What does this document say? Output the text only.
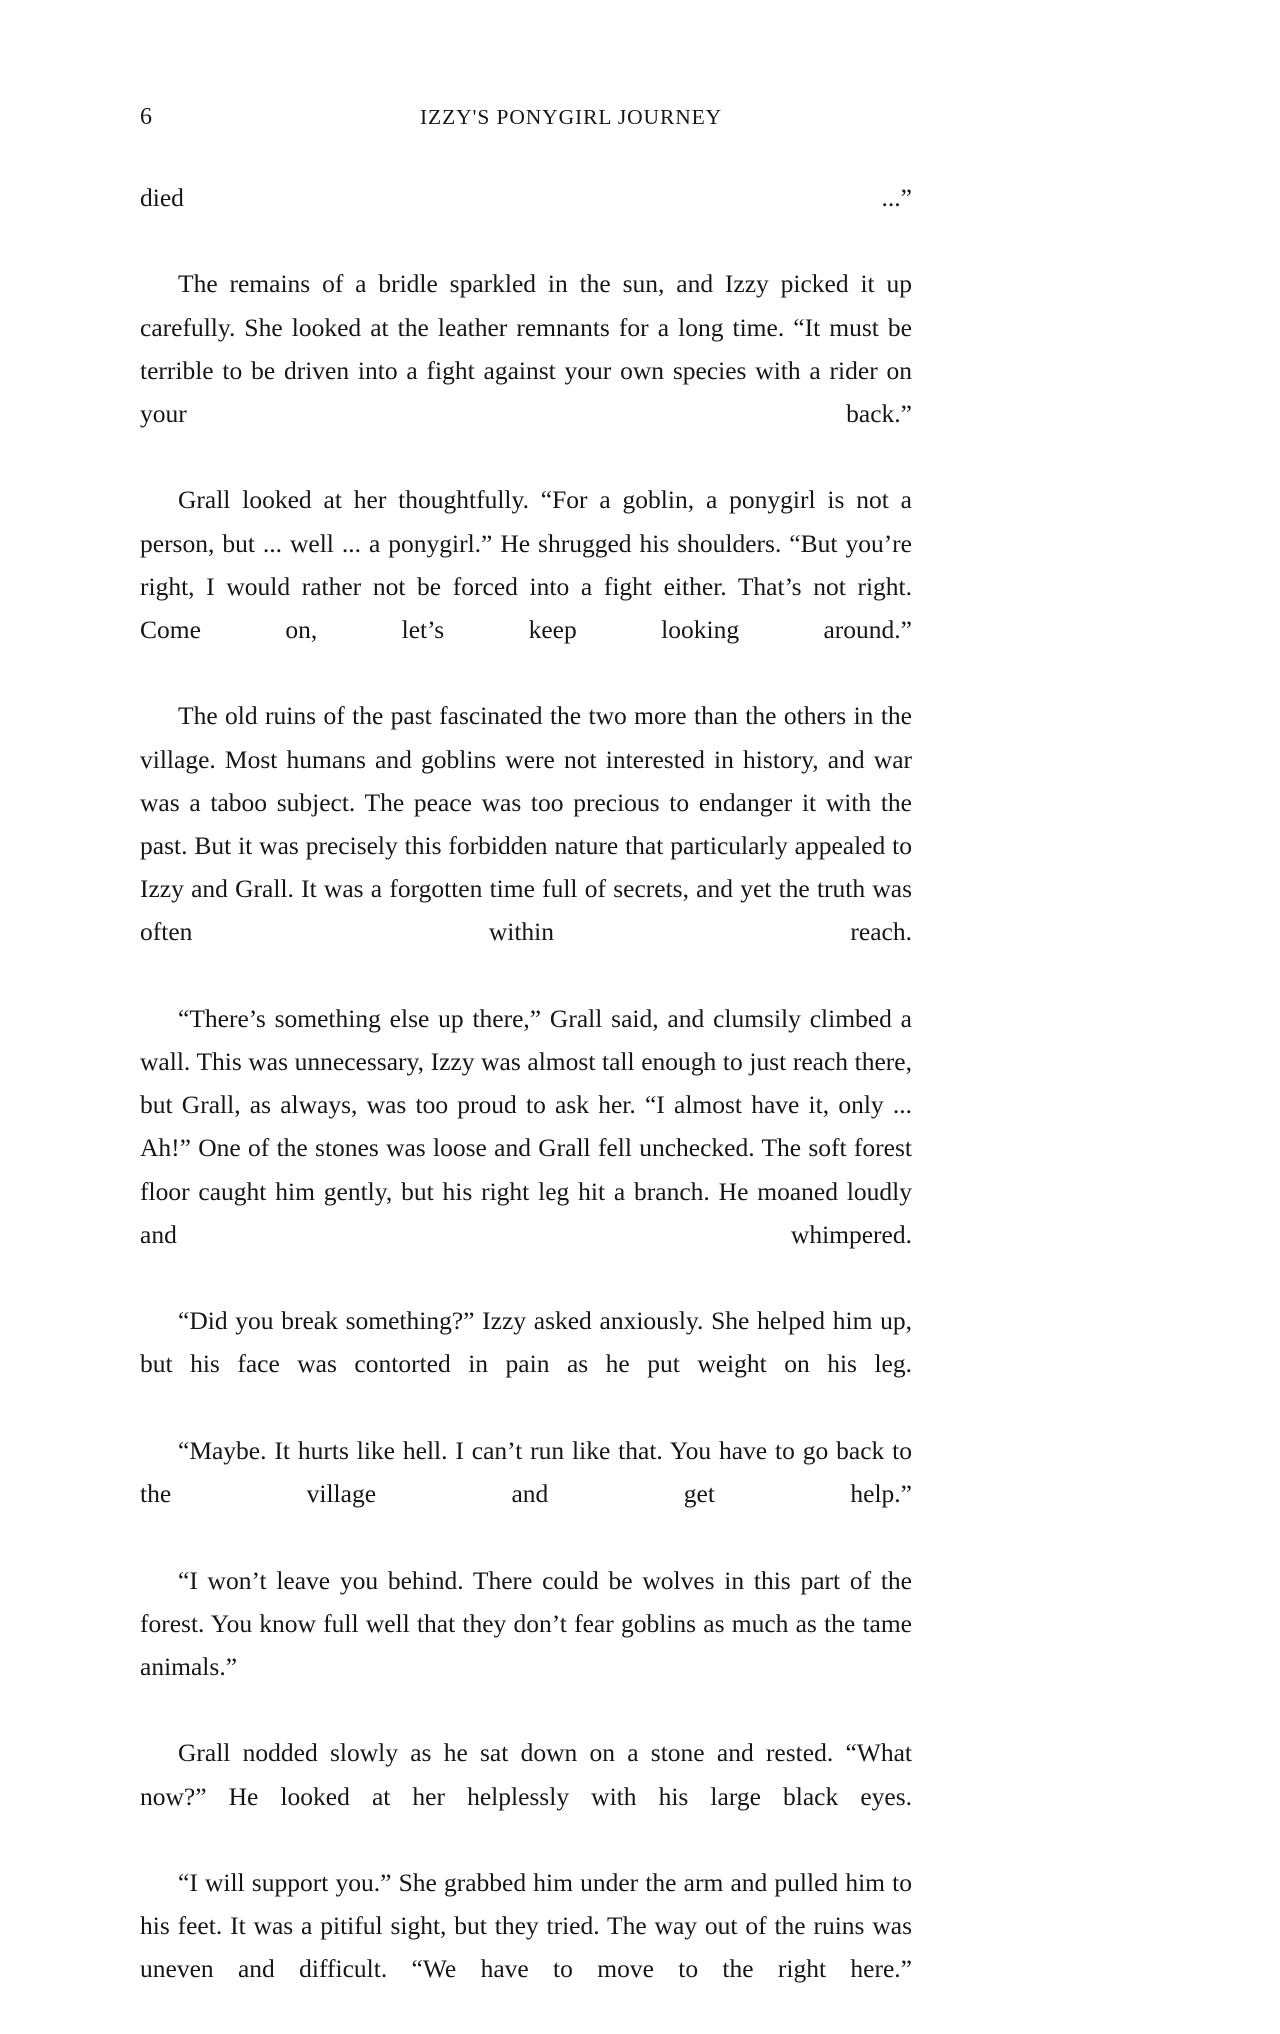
6	IZZY'S PONYGIRL JOURNEY

died ...”

The remains of a bridle sparkled in the sun, and Izzy picked it up carefully. She looked at the leather remnants for a long time. “It must be terrible to be driven into a fight against your own species with a rider on your back.”

Grall looked at her thoughtfully. “For a goblin, a ponygirl is not a person, but ... well ... a ponygirl.” He shrugged his shoulders. “But you’re right, I would rather not be forced into a fight either. That’s not right. Come on, let’s keep looking around.”

The old ruins of the past fascinated the two more than the others in the village. Most humans and goblins were not interested in history, and war was a taboo subject. The peace was too precious to endanger it with the past. But it was precisely this forbidden nature that particularly appealed to Izzy and Grall. It was a forgotten time full of secrets, and yet the truth was often within reach.

“There’s something else up there,” Grall said, and clumsily climbed a wall. This was unnecessary, Izzy was almost tall enough to just reach there, but Grall, as always, was too proud to ask her. “I almost have it, only ... Ah!” One of the stones was loose and Grall fell unchecked. The soft forest floor caught him gently, but his right leg hit a branch. He moaned loudly and whimpered.

“Did you break something?” Izzy asked anxiously. She helped him up, but his face was contorted in pain as he put weight on his leg.

“Maybe. It hurts like hell. I can’t run like that. You have to go back to the village and get help.”

“I won’t leave you behind. There could be wolves in this part of the forest. You know full well that they don’t fear goblins as much as the tame animals.”

Grall nodded slowly as he sat down on a stone and rested. “What now?” He looked at her helplessly with his large black eyes.

“I will support you.” She grabbed him under the arm and pulled him to his feet. It was a pitiful sight, but they tried. The way out of the ruins was uneven and difficult. “We have to move to the right here.”
